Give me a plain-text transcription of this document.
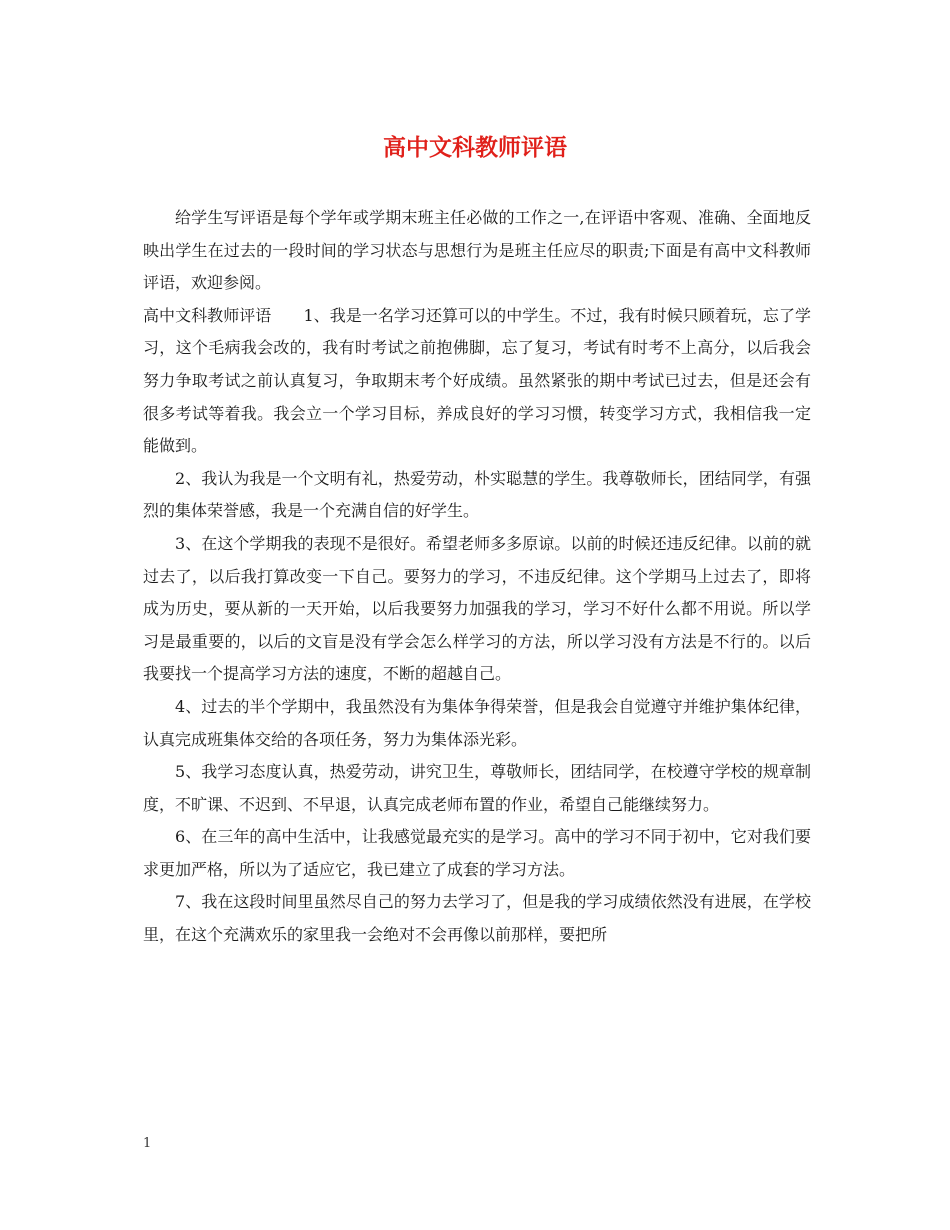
高中文科教师评语

给学生写评语是每个学年或学期末班主任必做的工作之一,在评语中客观、准确、全面地反映出学生在过去的一段时间的学习状态与思想行为是班主任应尽的职责;下面是有高中文科教师评语，欢迎参阅。

高中文科教师评语　　1、我是一名学习还算可以的中学生。不过，我有时候只顾着玩，忘了学习，这个毛病我会改的，我有时考试之前抱佛脚，忘了复习，考试有时考不上高分，以后我会努力争取考试之前认真复习，争取期末考个好成绩。虽然紧张的期中考试已过去，但是还会有很多考试等着我。我会立一个学习目标，养成良好的学习习惯，转变学习方式，我相信我一定能做到。

2、我认为我是一个文明有礼，热爱劳动，朴实聪慧的学生。我尊敬师长，团结同学，有强烈的集体荣誉感，我是一个充满自信的好学生。

3、在这个学期我的表现不是很好。希望老师多多原谅。以前的时候还违反纪律。以前的就过去了，以后我打算改变一下自己。要努力的学习，不违反纪律。这个学期马上过去了，即将成为历史，要从新的一天开始，以后我要努力加强我的学习，学习不好什么都不用说。所以学习是最重要的，以后的文盲是没有学会怎么样学习的方法，所以学习没有方法是不行的。以后我要找一个提高学习方法的速度，不断的超越自己。

4、过去的半个学期中，我虽然没有为集体争得荣誉，但是我会自觉遵守并维护集体纪律，认真完成班集体交给的各项任务，努力为集体添光彩。

5、我学习态度认真，热爱劳动，讲究卫生，尊敬师长，团结同学，在校遵守学校的规章制度，不旷课、不迟到、不早退，认真完成老师布置的作业，希望自己能继续努力。

6、在三年的高中生活中，让我感觉最充实的是学习。高中的学习不同于初中，它对我们要求更加严格，所以为了适应它，我已建立了成套的学习方法。

7、我在这段时间里虽然尽自己的努力去学习了，但是我的学习成绩依然没有进展，在学校里，在这个充满欢乐的家里我一会绝对不会再像以前那样，要把所

1
